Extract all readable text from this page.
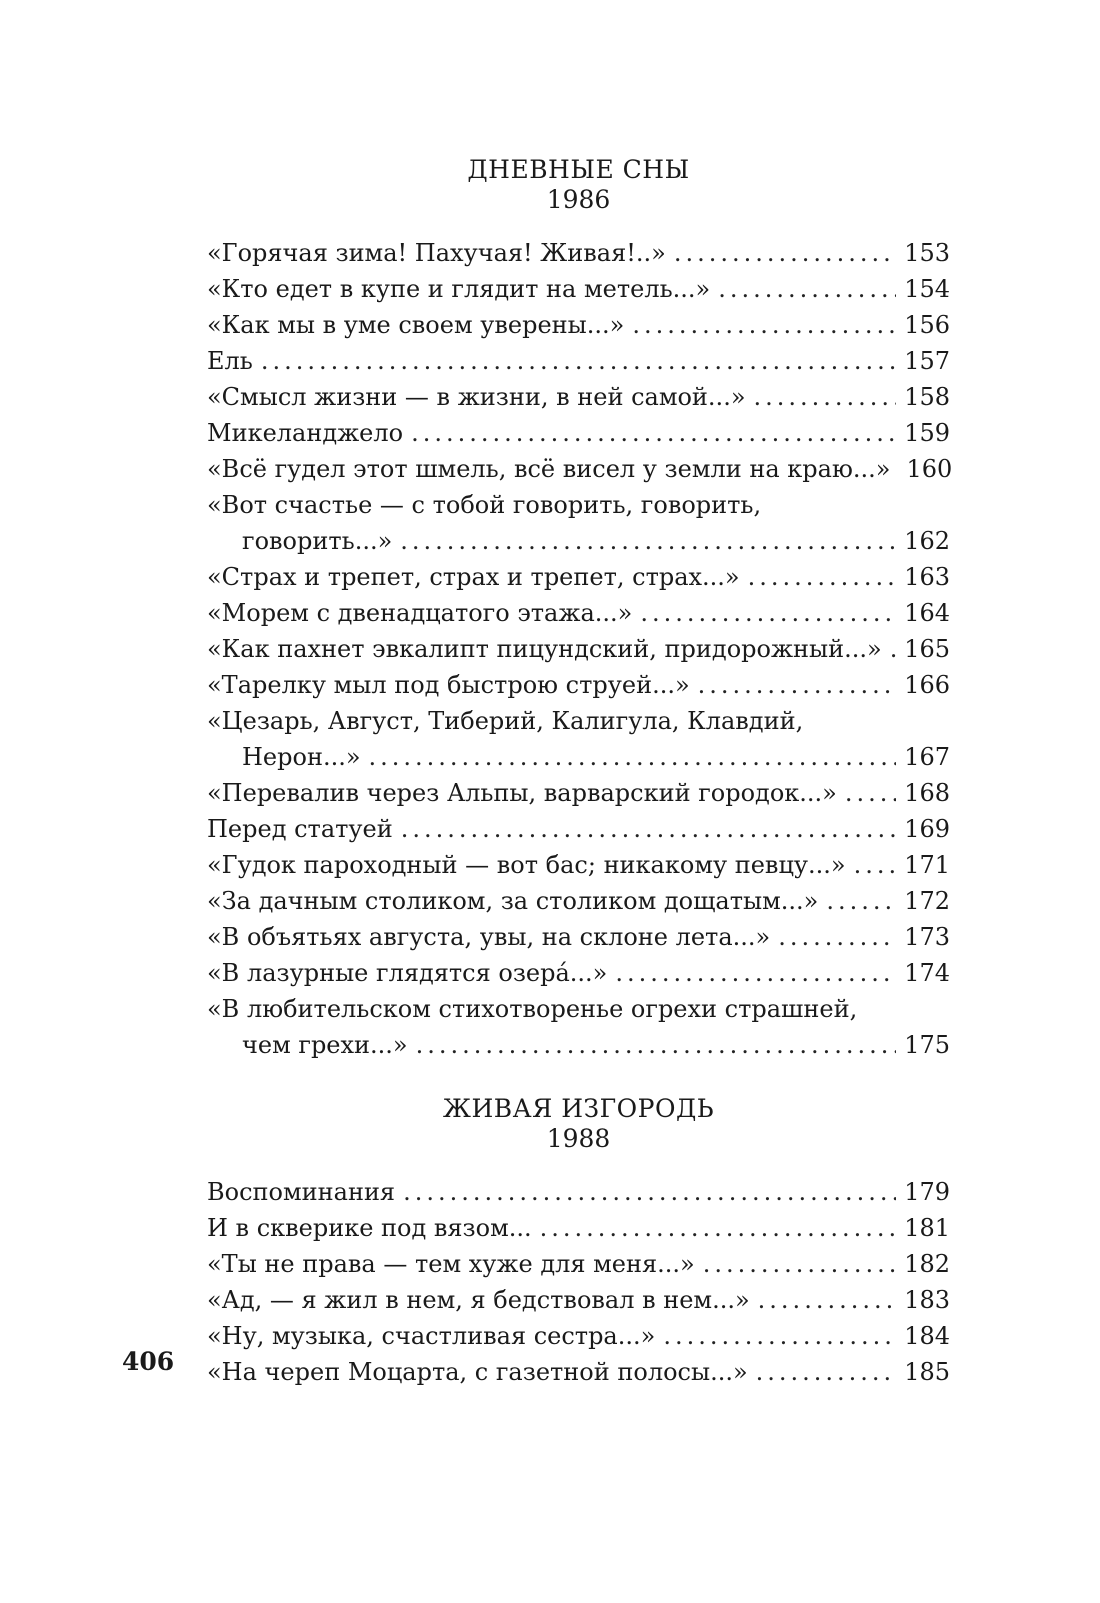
ДНЕВНЫЕ СНЫ
1986
«Горячая зима! Пахучая! Живая!..» .....	153
«Кто едет в купе и глядит на метель...» .....	154
«Как мы в уме своем уверены...» .....	156
Ель .....	157
«Смысл жизни — в жизни, в ней самой...» .....	158
Микеланджело .....	159
«Всё гудел этот шмель, всё висел у земли на краю...» 160
«Вот счастье — с тобой говорить, говорить,
говорить...» .....	162
«Страх и трепет, страх и трепет, страх...» .....	163
«Морем с двенадцатого этажа...» .....	164
«Как пахнет эвкалипт пицундский, придорожный...» ..... 165
«Тарелку мыл под быстрою струей...» .....	166
«Цезарь, Август, Тиберий, Калигула, Клавдий,
Нерон...» .....	167
«Перевалив через Альпы, варварский городок...» .....	168
Перед статуей .....	169
«Гудок пароходный — вот бас; никакому певцу...» ..... 171
«За дачным столиком, за столиком дощатым...» .....	172
«В объятьях августа, увы, на склоне лета...» .....	173
«В лазурные глядятся озера́...» .....	174
«В любительском стихотворенье огрехи страшней,
чем грехи...» .....	175
ЖИВАЯ ИЗГОРОДЬ
1988
Воспоминания .....	179
И в скверике под вязом... .....	181
«Ты не права — тем хуже для меня...» .....	182
«Ад, — я жил в нем, я бедствовал в нем...» .....	183
«Ну, музыка, счастливая сестра...» .....	184
«На череп Моцарта, с газетной полосы...» .....	185
406
